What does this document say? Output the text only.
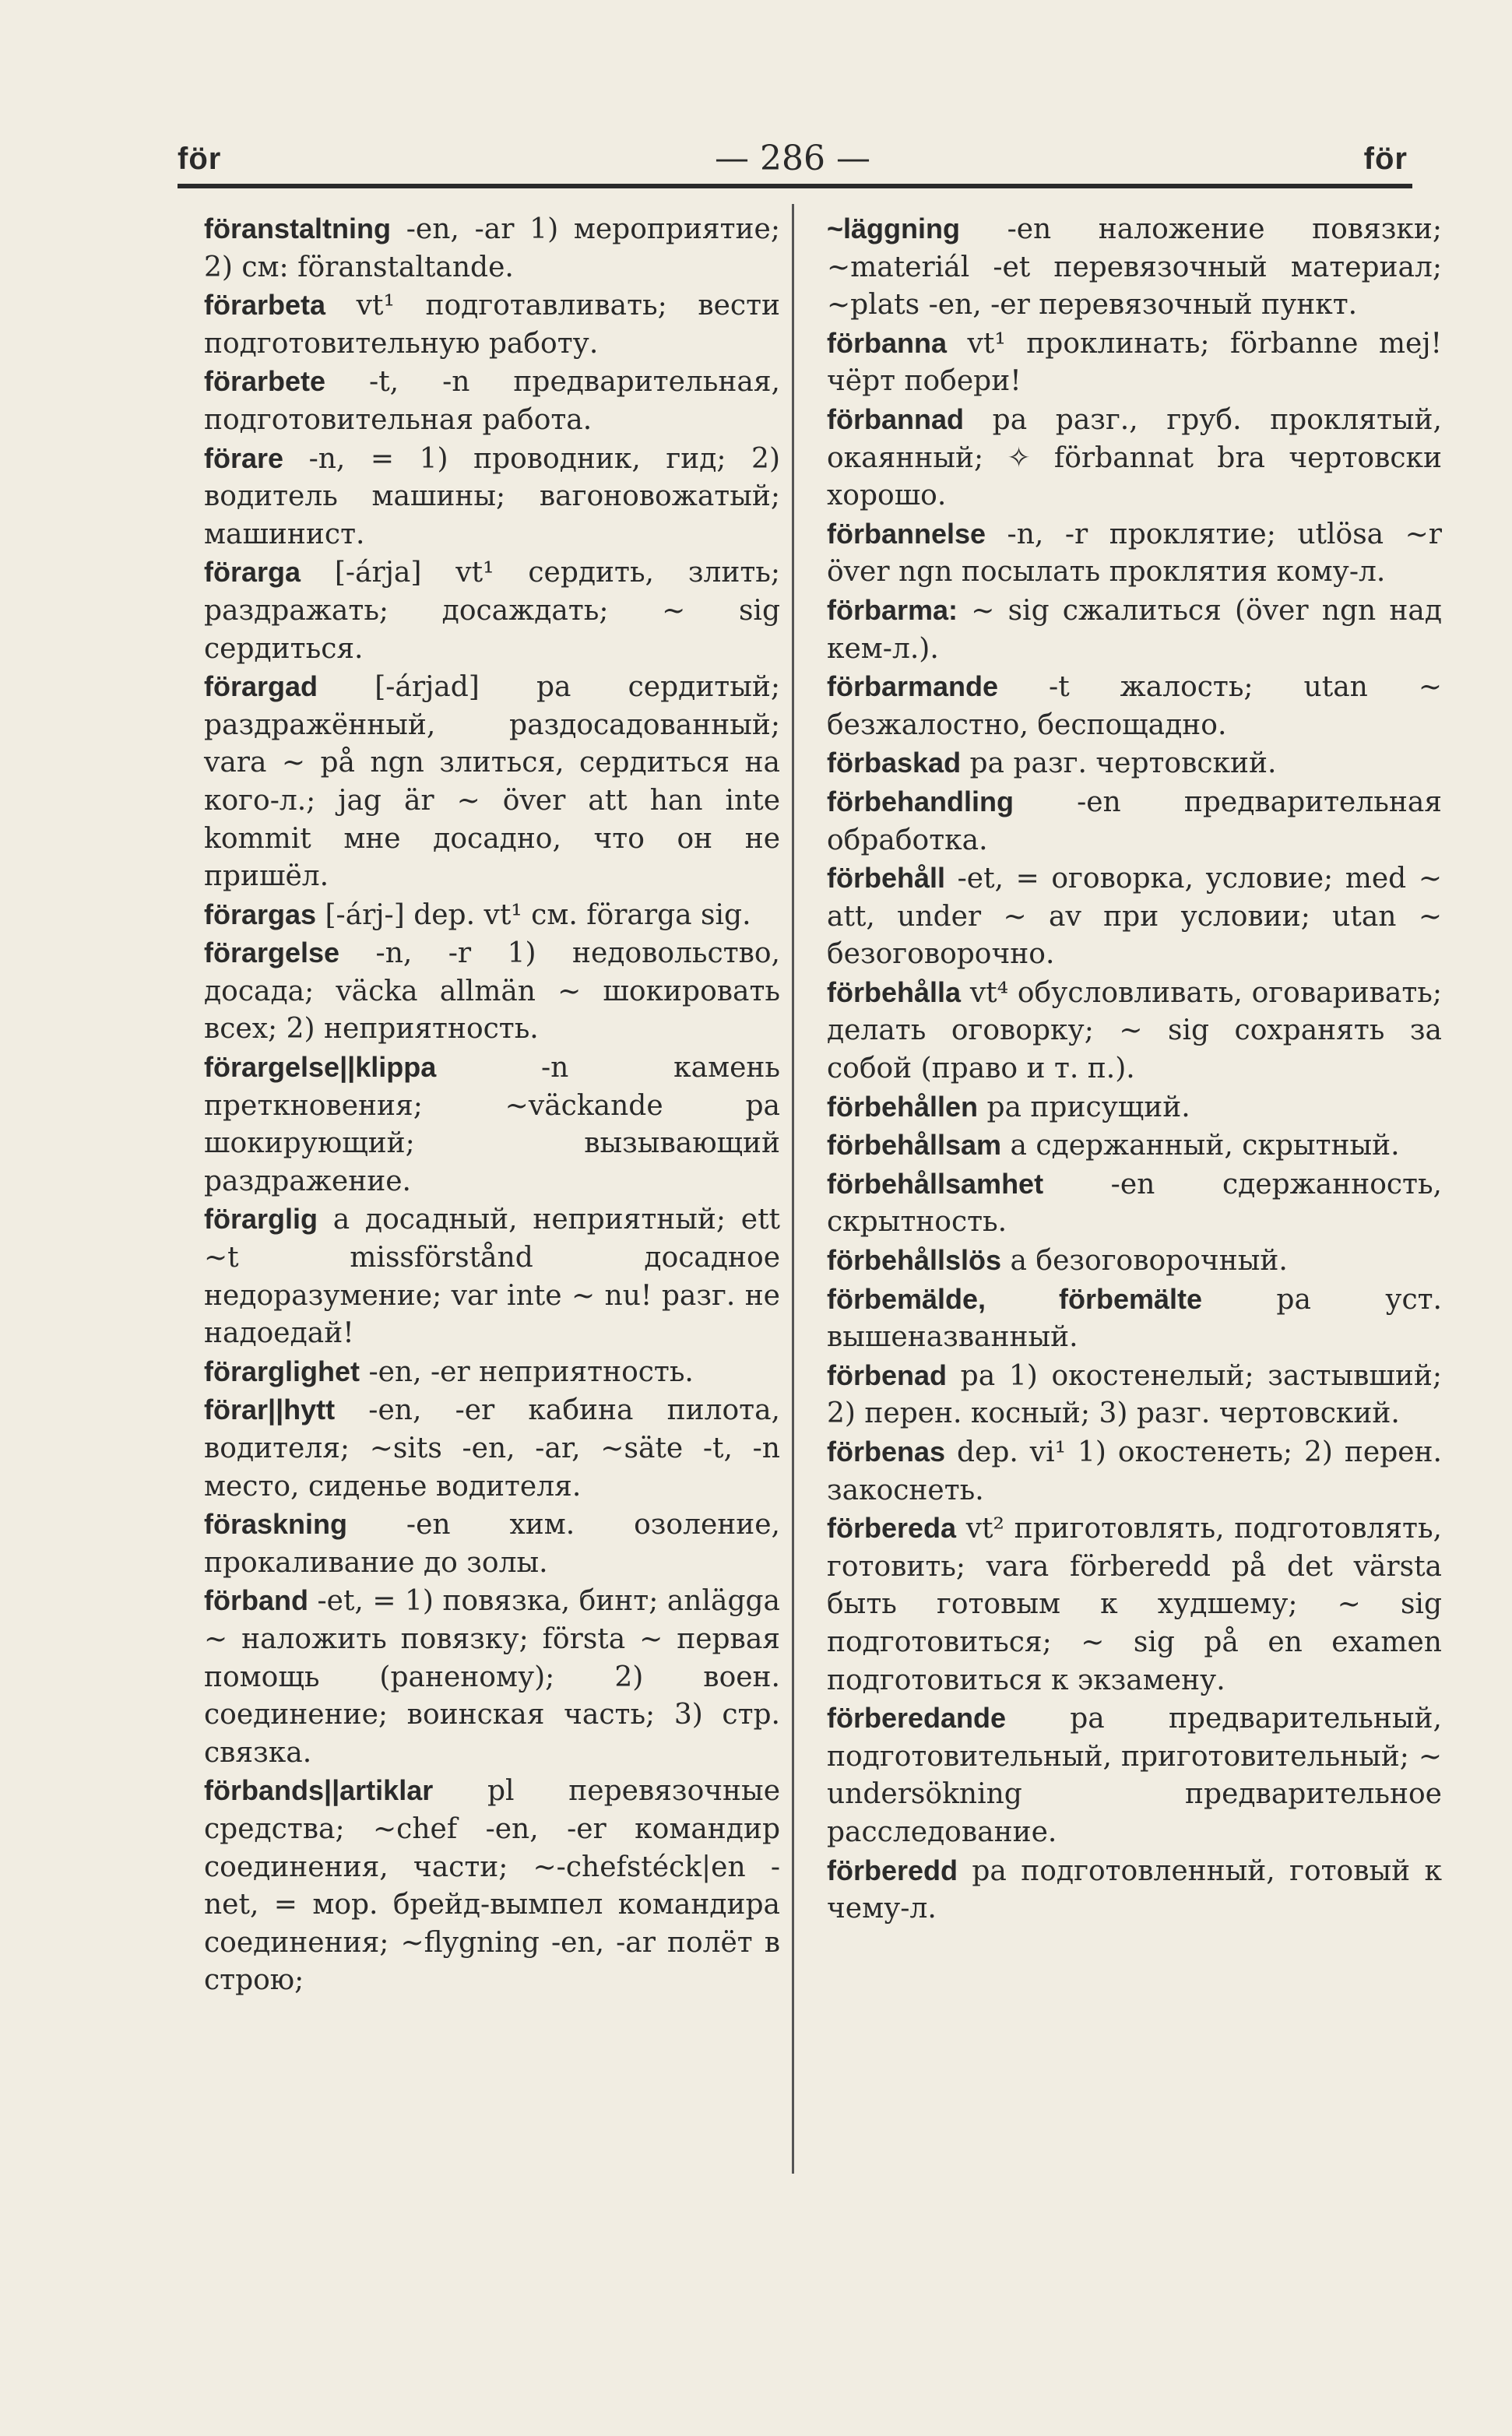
för	— 286 —	för
föranstaltning -en, -ar 1) мероприятие; 2) см: föranstaltande.
förarbeta vt¹ подготавливать; вести подготовительную работу.
förarbete -t, -n предварительная, подготовительная работа.
förare -n, = 1) проводник, гид; 2) водитель машины; вагоновожатый; машинист.
förarga [-árja] vt¹ сердить, злить; раздражать; досаждать; ~ sig сердиться.
förargad [-árjad] pa сердитый; раздражённый, раздосадованный; vara ~ på ngn злиться, сердиться на кого-л.; jag är ~ över att han inte kommit мне досадно, что он не пришёл.
förargas [-árj-] dep. vt¹ см. förarga sig.
förargelse -n, -r 1) недовольство, досада; väcka allmän ~ шокировать всех; 2) неприятность.
förargelse||klippa -n камень преткновения; ~väckande pa шокирующий; вызывающий раздражение.
förarglig a досадный, неприятный; ett ~t missförstånd досадное недоразумение; var inte ~ nu! разг. не надоедай!
förarglighet -en, -er неприятность.
förar||hytt -en, -er кабина пилота, водителя; ~sits -en, -ar, ~säte -t, -n место, сиденье водителя.
föraskning -en хим. озоление, прокаливание до золы.
förband -et, = 1) повязка, бинт; anlägga ~ наложить повязку; första ~ первая помощь (раненому); 2) воен. соединение; воинская часть; 3) стр. связка.
förbands||artiklar pl перевязочные средства; ~chef -en, -er командир соединения, части; ~-chefstéck|en -net, = мор. брейд-вымпел командира соединения; ~flygning -en, -ar полёт в строю;
~läggning -en наложение повязки; ~materiál -et перевязочный материал; ~plats -en, -er перевязочный пункт.
förbanna vt¹ проклинать; förbanne mej! чёрт побери!
förbannad pa разг., груб. проклятый, окаянный; ✧ förbannat bra чертовски хорошо.
förbannelse -n, -r проклятие; utlösa ~r över ngn посылать проклятия кому-л.
förbarma: ~ sig сжалиться (över ngn над кем-л.).
förbarmande -t жалость; utan ~ безжалостно, беспощадно.
förbaskad pa разг. чертовский.
förbehandling -en предварительная обработка.
förbehåll -et, = оговорка, условие; med ~ att, under ~ av при условии; utan ~ безоговорочно.
förbehålla vt⁴ обусловливать, оговаривать; делать оговорку; ~ sig сохранять за собой (право и т. п.).
förbehållen pa присущий.
förbehållsam a сдержанный, скрытный.
förbehållsamhet -en сдержанность, скрытность.
förbehållslös a безоговорочный.
förbemälde, förbemälte pa уст. вышеназванный.
förbenad pa 1) окостенелый; застывший; 2) перен. косный; 3) разг. чертовский.
förbenas dep. vi¹ 1) окостенеть; 2) перен. закоснеть.
förbereda vt² приготовлять, подготовлять, готовить; vara förberedd på det värsta быть готовым к худшему; ~ sig подготовиться; ~ sig på en examen подготовиться к экзамену.
förberedande pa предварительный, подготовительный, приготовительный; ~ undersökning предварительное расследование.
förberedd pa подготовленный, готовый к чему-л.
